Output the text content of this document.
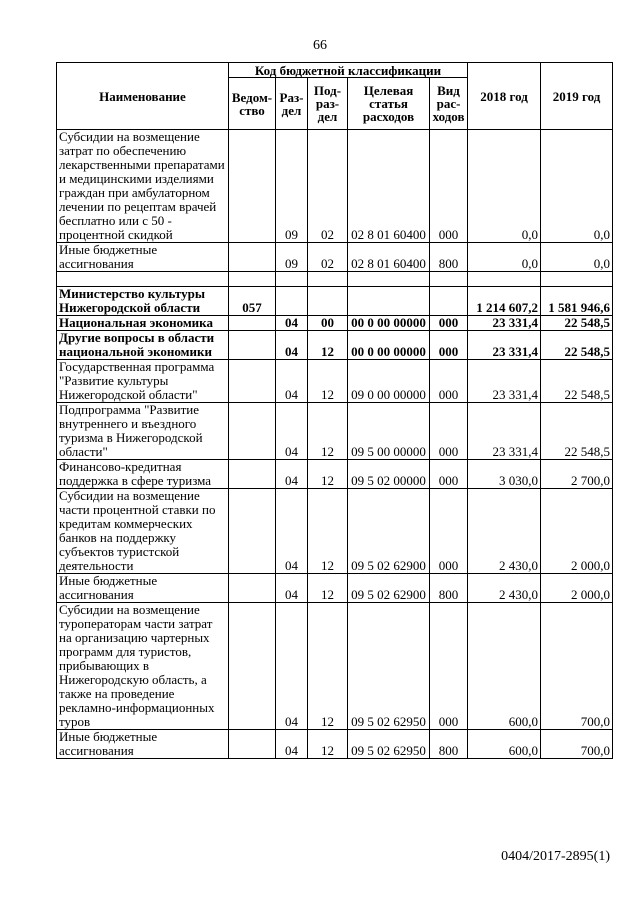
66
Наименование	Код бюджетной классификации					2018 год	2019 год
	Ведом-ство	Раз-дел	Под-раз-дел	Целевая статья расходов	Вид рас-ходов		
Субсидии на возмещение затрат по обеспечению лекарственными препаратами и медицинскими изделиями граждан при амбулаторном лечении по рецептам врачей бесплатно или с 50 - процентной скидкой		09	02	02 8 01 60400	000	0,0	0,0
Иные бюджетные ассигнования		09	02	02 8 01 60400	800	0,0	0,0

Министерство культуры Нижегородской области	057					1 214 607,2	1 581 946,6
Национальная экономика		04	00	00 0 00 00000	000	23 331,4	22 548,5
Другие вопросы в области национальной экономики		04	12	00 0 00 00000	000	23 331,4	22 548,5
Государственная программа "Развитие культуры Нижегородской области"		04	12	09 0 00 00000	000	23 331,4	22 548,5
Подпрограмма "Развитие внутреннего и въездного туризма в Нижегородской области"		04	12	09 5 00 00000	000	23 331,4	22 548,5
Финансово-кредитная поддержка в сфере туризма		04	12	09 5 02 00000	000	3 030,0	2 700,0
Субсидии на возмещение части процентной ставки по кредитам коммерческих банков на поддержку субъектов туристской деятельности		04	12	09 5 02 62900	000	2 430,0	2 000,0
Иные бюджетные ассигнования		04	12	09 5 02 62900	800	2 430,0	2 000,0
Субсидии на возмещение туроператорам части затрат на организацию чартерных программ для туристов, прибывающих в Нижегородскую область, а также на проведение рекламно-информационных туров		04	12	09 5 02 62950	000	600,0	700,0
Иные бюджетные ассигнования		04	12	09 5 02 62950	800	600,0	700,0
0404/2017-2895(1)
